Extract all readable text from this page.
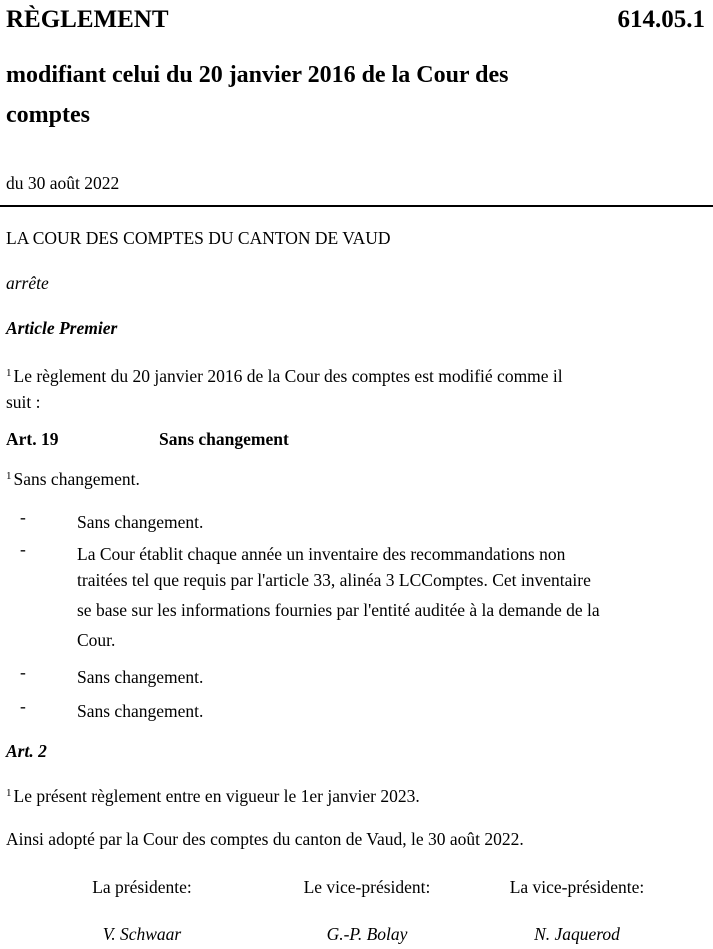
RÈGLEMENT	614.05.1
modifiant celui du 20 janvier 2016 de la Cour des
comptes
du 30 août 2022
LA COUR DES COMPTES DU CANTON DE VAUD
arrête
Article Premier
$^1$ Le règlement du 20 janvier 2016 de la Cour des comptes est modifié comme il
suit :
Art. 19	Sans changement
$^1$ Sans changement.
-	Sans changement.
-	La Cour établit chaque année un inventaire des recommandations non
traitées tel que requis par l'article 33, alinéa 3 LCComptes. Cet inventaire
se base sur les informations fournies par l'entité auditée à la demande de la
Cour.
-	Sans changement.
-	Sans changement.
Art. 2
$^1$ Le présent règlement entre en vigueur le 1er janvier 2023.
Ainsi adopté par la Cour des comptes du canton de Vaud, le 30 août 2022.
La présidente:
V. Schwaar
Le vice-président:
G.-P. Bolay
La vice-présidente:
N. Jaquerod
